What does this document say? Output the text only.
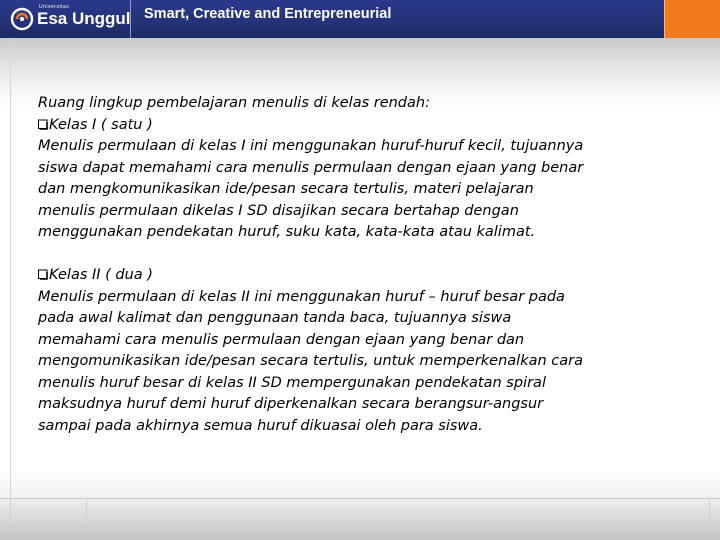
Universitas
Esa Unggul Smart, Creative and Entrepreneurial

Ruang lingkup pembelajaran menulis di kelas rendah:

Kelas I ( satu )

Menulis permulaan di kelas I ini menggunakan huruf-huruf kecil, tujuannya

siswa dapat memahami cara menulis permulaan dengan ejaan yang benar

dan mengkomunikasikan ide/pesan secara tertulis, materi pelajaran

menulis permulaan dikelas I SD disajikan secara bertahap dengan

menggunakan pendekatan huruf, suku kata, kata-kata atau kalimat.

Kelas II ( dua )

Menulis permulaan di kelas II ini menggunakan huruf – huruf besar pada

pada awal kalimat dan penggunaan tanda baca, tujuannya siswa

memahami cara menulis permulaan dengan ejaan yang benar dan

mengomunikasikan ide/pesan secara tertulis, untuk memperkenalkan cara

menulis huruf besar di kelas II SD mempergunakan pendekatan spiral

maksudnya huruf demi huruf diperkenalkan secara berangsur-angsur

sampai pada akhirnya semua huruf dikuasai oleh para siswa.
